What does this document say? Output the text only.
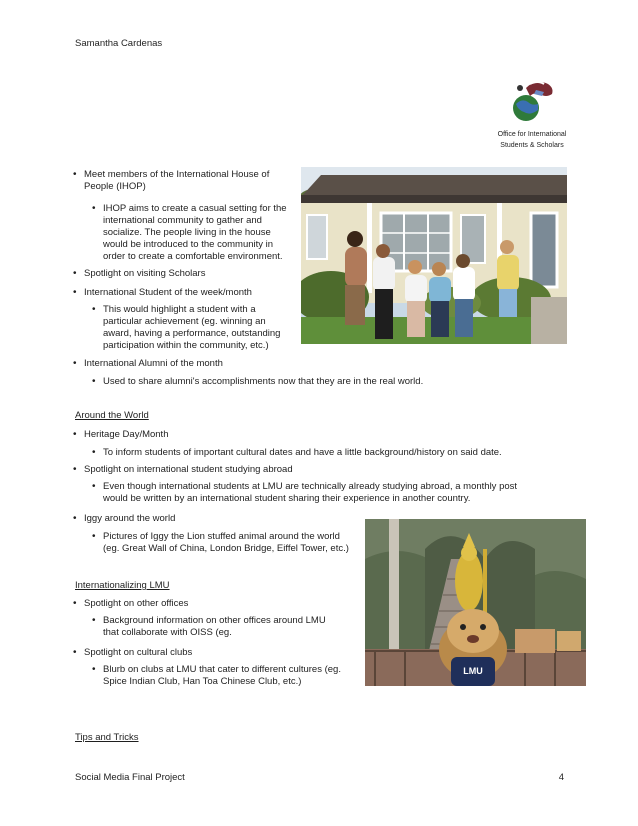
Samantha Cardenas
Office for International
Students & Scholars
• Meet members of the International House of People (IHOP)
• IHOP aims to create a casual setting for the international community to gather and socialize. The people living in the house would be introduced to the community in order to create a comfortable environment.
• Spotlight on visiting Scholars
• International Student of the week/month
• This would highlight a student with a particular achievement (eg. winning an award, having a performance, outstanding participation within the community, etc.)
• International Alumni of the month
• Used to share alumni's accomplishments now that they are in the real world.
Around the World
• Heritage Day/Month
• To inform students of important cultural dates and have a little background/history on said date.
• Spotlight on international student studying abroad
• Even though international students at LMU are technically already studying abroad, a monthly post would be written by an international student sharing their experience in another country.
• Iggy around the world
• Pictures of Iggy the Lion stuffed animal around the world (eg. Great Wall of China, London Bridge, Eiffel Tower, etc.)
LMU
Internationalizing LMU
• Spotlight on other offices
• Background information on other offices around LMU that collaborate with OISS (eg.
• Spotlight on cultural clubs
• Blurb on clubs at LMU that cater to different cultures (eg. Spice Indian Club, Han Toa Chinese Club, etc.)
Tips and Tricks
Social Media Final Project	4
